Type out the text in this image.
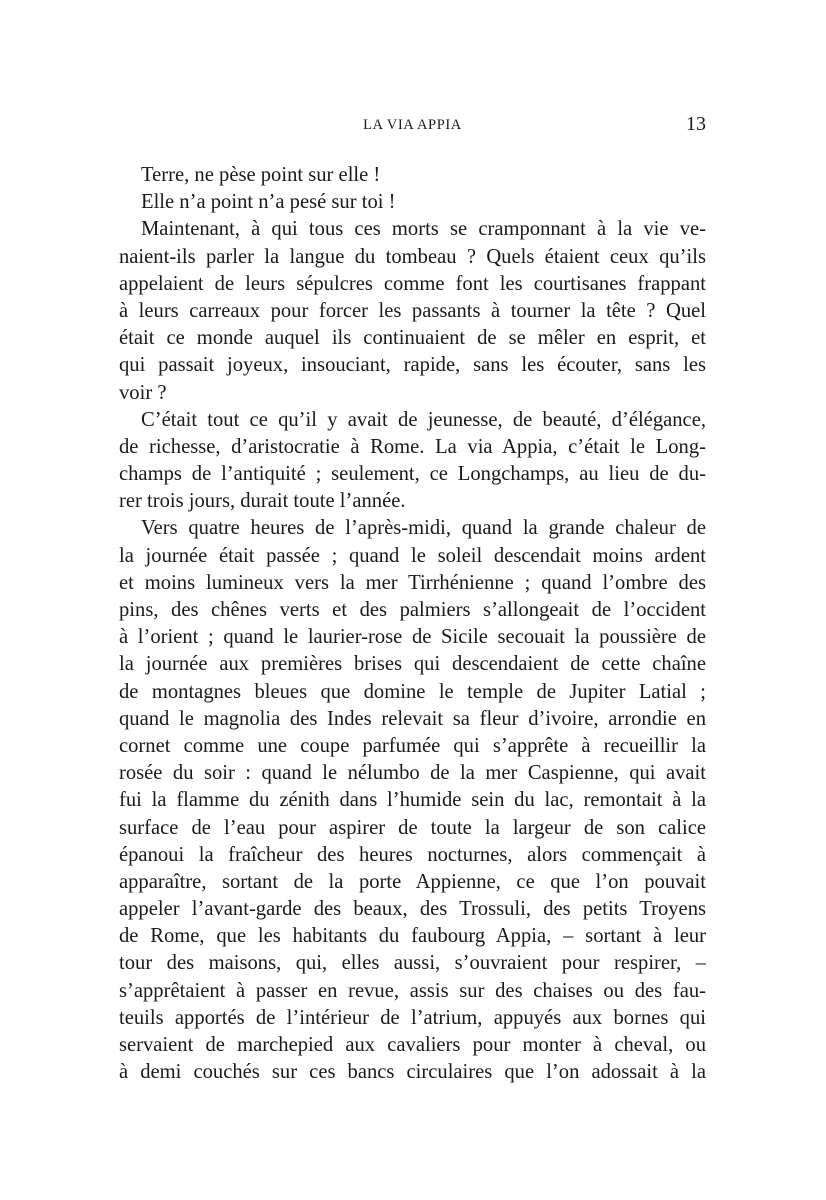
LA VIA APPIA	13
Terre, ne pèse point sur elle !
Elle n’a point n’a pesé sur toi !
Maintenant, à qui tous ces morts se cramponnant à la vie ve-
naient-ils parler la langue du tombeau ? Quels étaient ceux qu’ils
appelaient de leurs sépulcres comme font les courtisanes frappant
à leurs carreaux pour forcer les passants à tourner la tête ? Quel
était ce monde auquel ils continuaient de se mêler en esprit, et
qui passait joyeux, insouciant, rapide, sans les écouter, sans les
voir ?
C’était tout ce qu’il y avait de jeunesse, de beauté, d’élégance,
de richesse, d’aristocratie à Rome. La via Appia, c’était le Long-
champs de l’antiquité ; seulement, ce Longchamps, au lieu de du-
rer trois jours, durait toute l’année.
Vers quatre heures de l’après-midi, quand la grande chaleur de
la journée était passée ; quand le soleil descendait moins ardent
et moins lumineux vers la mer Tirrhénienne ; quand l’ombre des
pins, des chênes verts et des palmiers s’allongeait de l’occident
à l’orient ; quand le laurier-rose de Sicile secouait la poussière de
la journée aux premières brises qui descendaient de cette chaîne
de montagnes bleues que domine le temple de Jupiter Latial ;
quand le magnolia des Indes relevait sa fleur d’ivoire, arrondie en
cornet comme une coupe parfumée qui s’apprête à recueillir la
rosée du soir : quand le nélumbo de la mer Caspienne, qui avait
fui la flamme du zénith dans l’humide sein du lac, remontait à la
surface de l’eau pour aspirer de toute la largeur de son calice
épanoui la fraîcheur des heures nocturnes, alors commençait à
apparaître, sortant de la porte Appienne, ce que l’on pouvait
appeler l’avant-garde des beaux, des Trossuli, des petits Troyens
de Rome, que les habitants du faubourg Appia, – sortant à leur
tour des maisons, qui, elles aussi, s’ouvraient pour respirer, –
s’apprêtaient à passer en revue, assis sur des chaises ou des fau-
teuils apportés de l’intérieur de l’atrium, appuyés aux bornes qui
servaient de marchepied aux cavaliers pour monter à cheval, ou
à demi couchés sur ces bancs circulaires que l’on adossait à la
